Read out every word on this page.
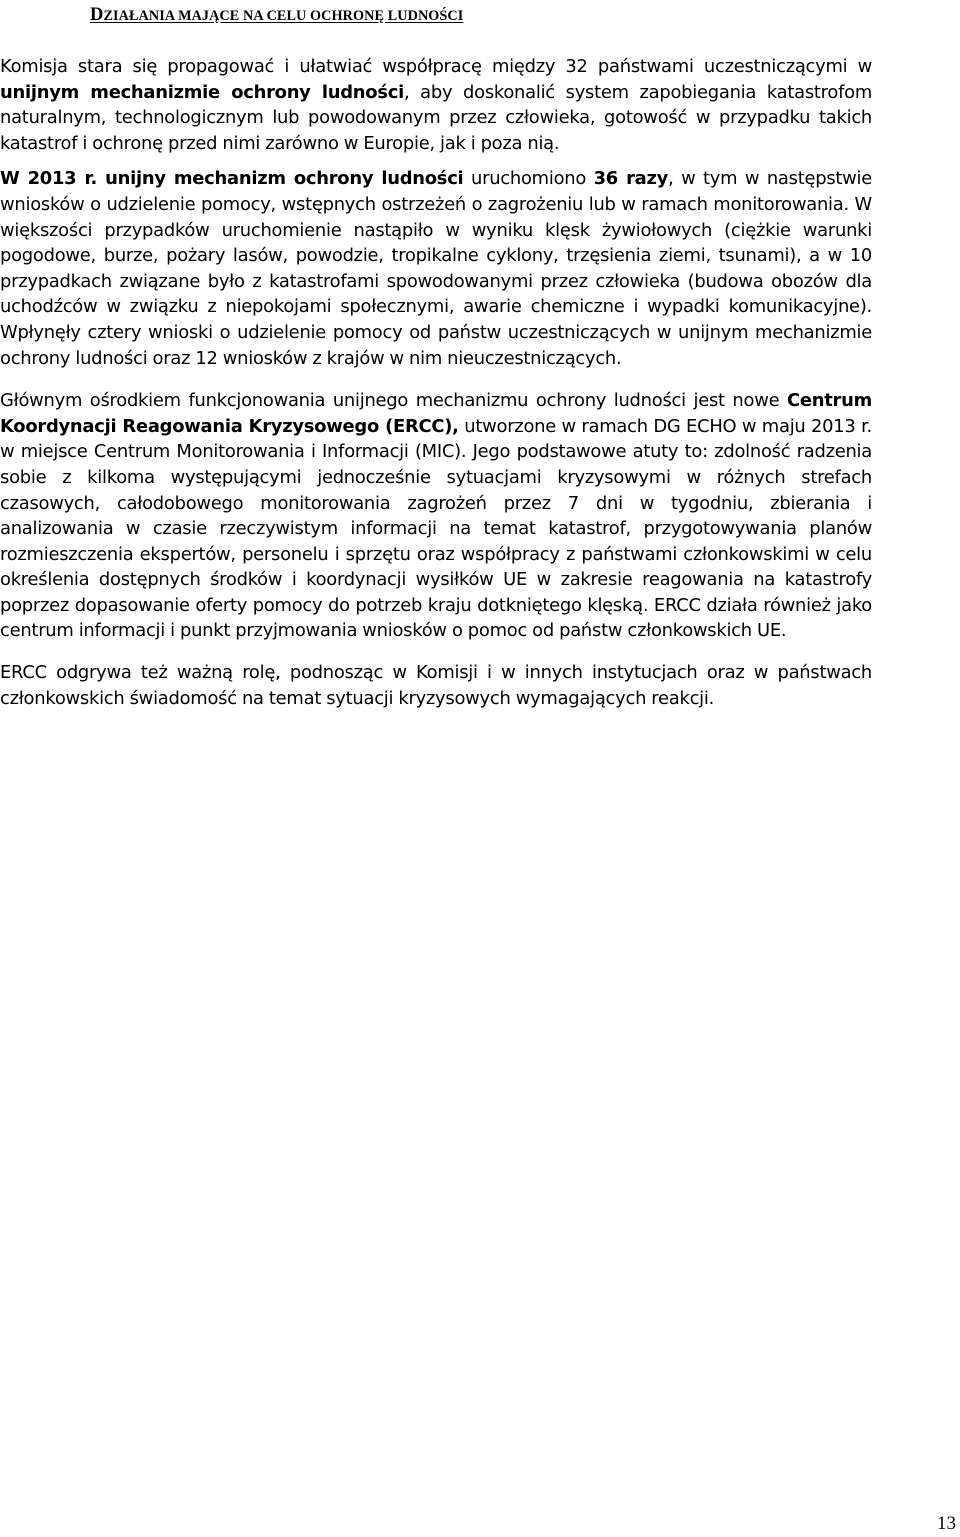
DZIAŁANIA MAJĄCE NA CELU OCHRONĘ LUDNOŚCI

Komisja stara się propagować i ułatwiać współpracę między 32 państwami uczestniczącymi w unijnym mechanizmie ochrony ludności, aby doskonalić system zapobiegania katastrofom naturalnym, technologicznym lub powodowanym przez człowieka, gotowość w przypadku takich katastrof i ochronę przed nimi zarówno w Europie, jak i poza nią.

W 2013 r. unijny mechanizm ochrony ludności uruchomiono 36 razy, w tym w następstwie wniosków o udzielenie pomocy, wstępnych ostrzeżeń o zagrożeniu lub w ramach monitorowania. W większości przypadków uruchomienie nastąpiło w wyniku klęsk żywiołowych (ciężkie warunki pogodowe, burze, pożary lasów, powodzie, tropikalne cyklony, trzęsienia ziemi, tsunami), a w 10 przypadkach związane było z katastrofami spowodowanymi przez człowieka (budowa obozów dla uchodźców w związku z niepokojami społecznymi, awarie chemiczne i wypadki komunikacyjne). Wpłynęły cztery wnioski o udzielenie pomocy od państw uczestniczących w unijnym mechanizmie ochrony ludności oraz 12 wniosków z krajów w nim nieuczestniczących.

Głównym ośrodkiem funkcjonowania unijnego mechanizmu ochrony ludności jest nowe Centrum Koordynacji Reagowania Kryzysowego (ERCC), utworzone w ramach DG ECHO w maju 2013 r. w miejsce Centrum Monitorowania i Informacji (MIC). Jego podstawowe atuty to: zdolność radzenia sobie z kilkoma występującymi jednocześnie sytuacjami kryzysowymi w różnych strefach czasowych, całodobowego monitorowania zagrożeń przez 7 dni w tygodniu, zbierania i analizowania w czasie rzeczywistym informacji na temat katastrof, przygotowywania planów rozmieszczenia ekspertów, personelu i sprzętu oraz współpracy z państwami członkowskimi w celu określenia dostępnych środków i koordynacji wysiłków UE w zakresie reagowania na katastrofy poprzez dopasowanie oferty pomocy do potrzeb kraju dotkniętego klęską. ERCC działa również jako centrum informacji i punkt przyjmowania wniosków o pomoc od państw członkowskich UE.

ERCC odgrywa też ważną rolę, podnosząc w Komisji i w innych instytucjach oraz w państwach członkowskich świadomość na temat sytuacji kryzysowych wymagających reakcji.

13
